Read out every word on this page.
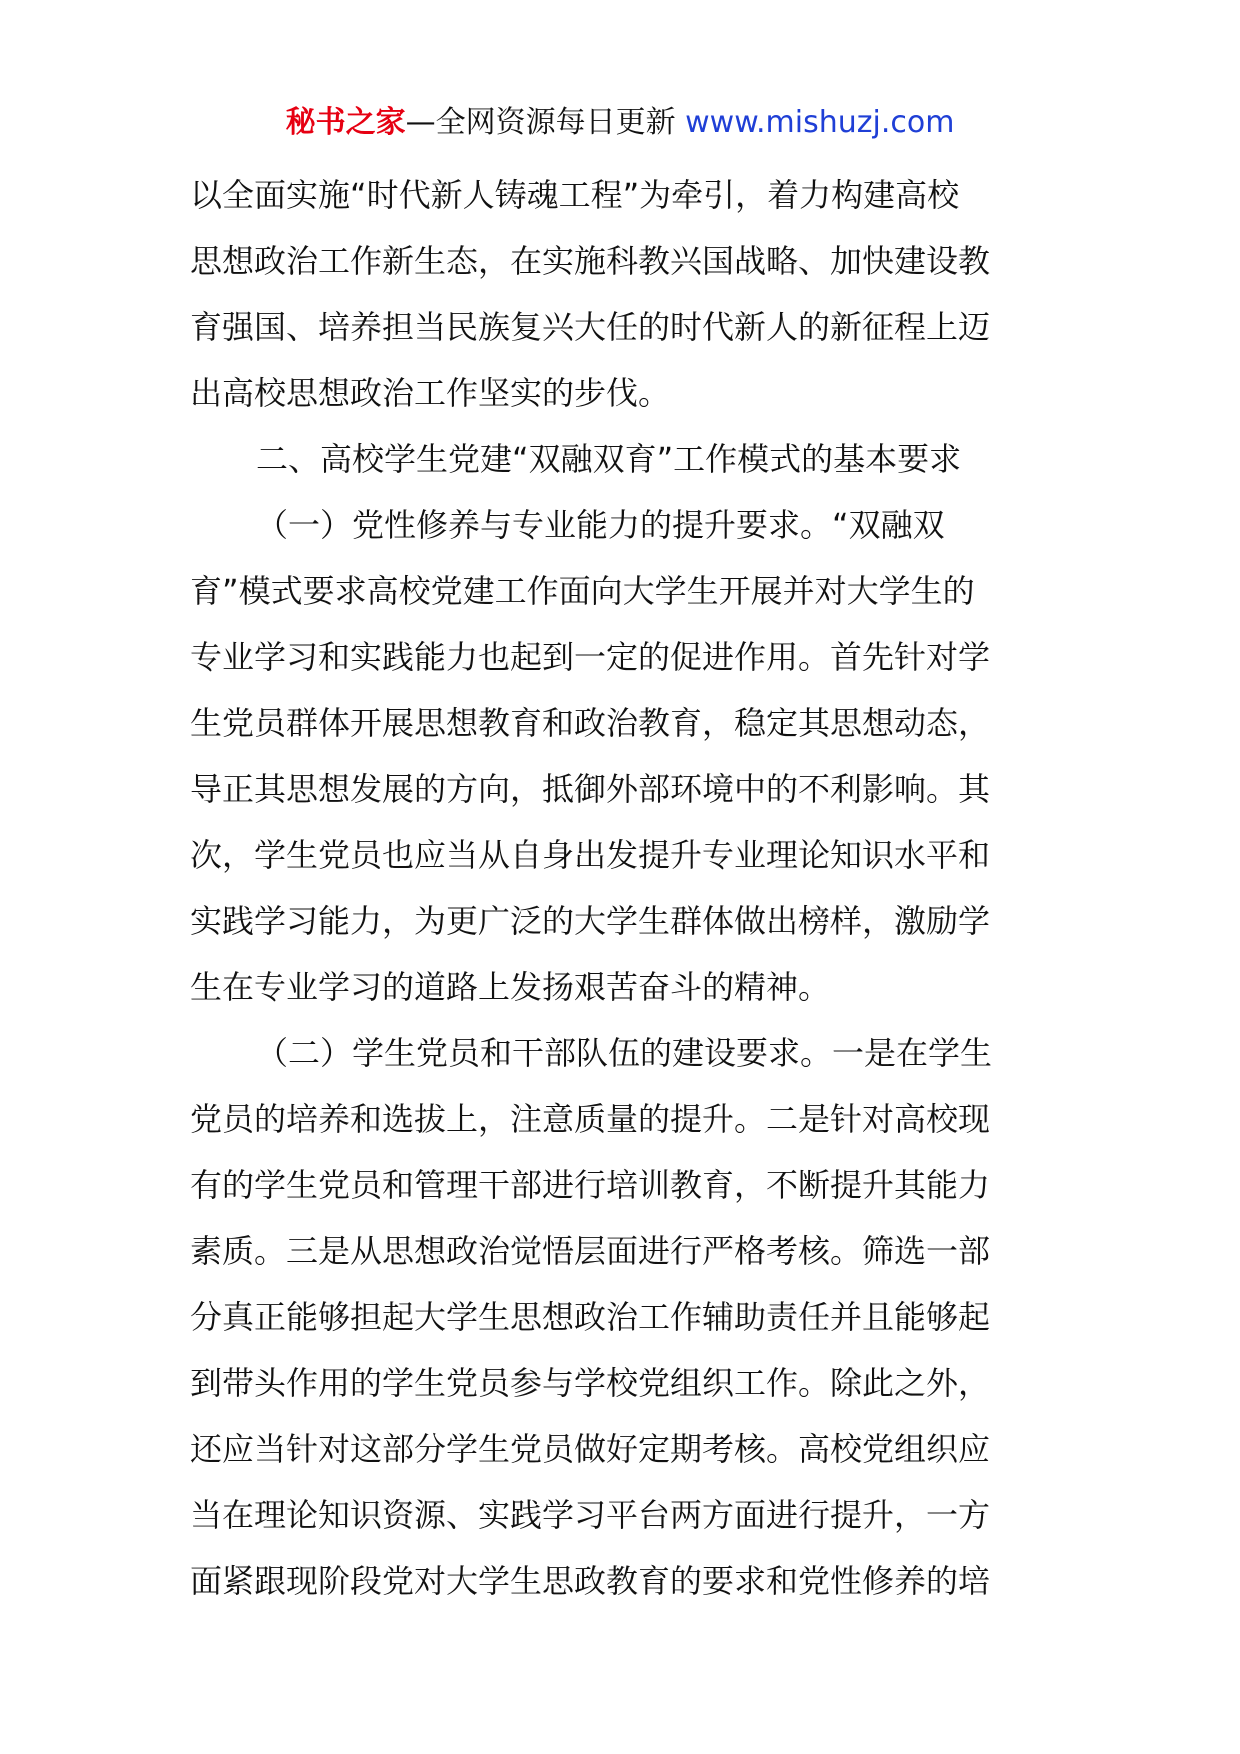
秘书之家—全网资源每日更新 www.mishuzj.com
以全面实施“时代新人铸魂工程”为牵引，着力构建高校
思想政治工作新生态，在实施科教兴国战略、加快建设教
育强国、培养担当民族复兴大任的时代新人的新征程上迈
出高校思想政治工作坚实的步伐。
二、高校学生党建“双融双育”工作模式的基本要求
（一）党性修养与专业能力的提升要求。“双融双
育”模式要求高校党建工作面向大学生开展并对大学生的
专业学习和实践能力也起到一定的促进作用。首先针对学
生党员群体开展思想教育和政治教育，稳定其思想动态，
导正其思想发展的方向，抵御外部环境中的不利影响。其
次，学生党员也应当从自身出发提升专业理论知识水平和
实践学习能力，为更广泛的大学生群体做出榜样，激励学
生在专业学习的道路上发扬艰苦奋斗的精神。
（二）学生党员和干部队伍的建设要求。一是在学生
党员的培养和选拔上，注意质量的提升。二是针对高校现
有的学生党员和管理干部进行培训教育，不断提升其能力
素质。三是从思想政治觉悟层面进行严格考核。筛选一部
分真正能够担起大学生思想政治工作辅助责任并且能够起
到带头作用的学生党员参与学校党组织工作。除此之外，
还应当针对这部分学生党员做好定期考核。高校党组织应
当在理论知识资源、实践学习平台两方面进行提升，一方
面紧跟现阶段党对大学生思政教育的要求和党性修养的培
